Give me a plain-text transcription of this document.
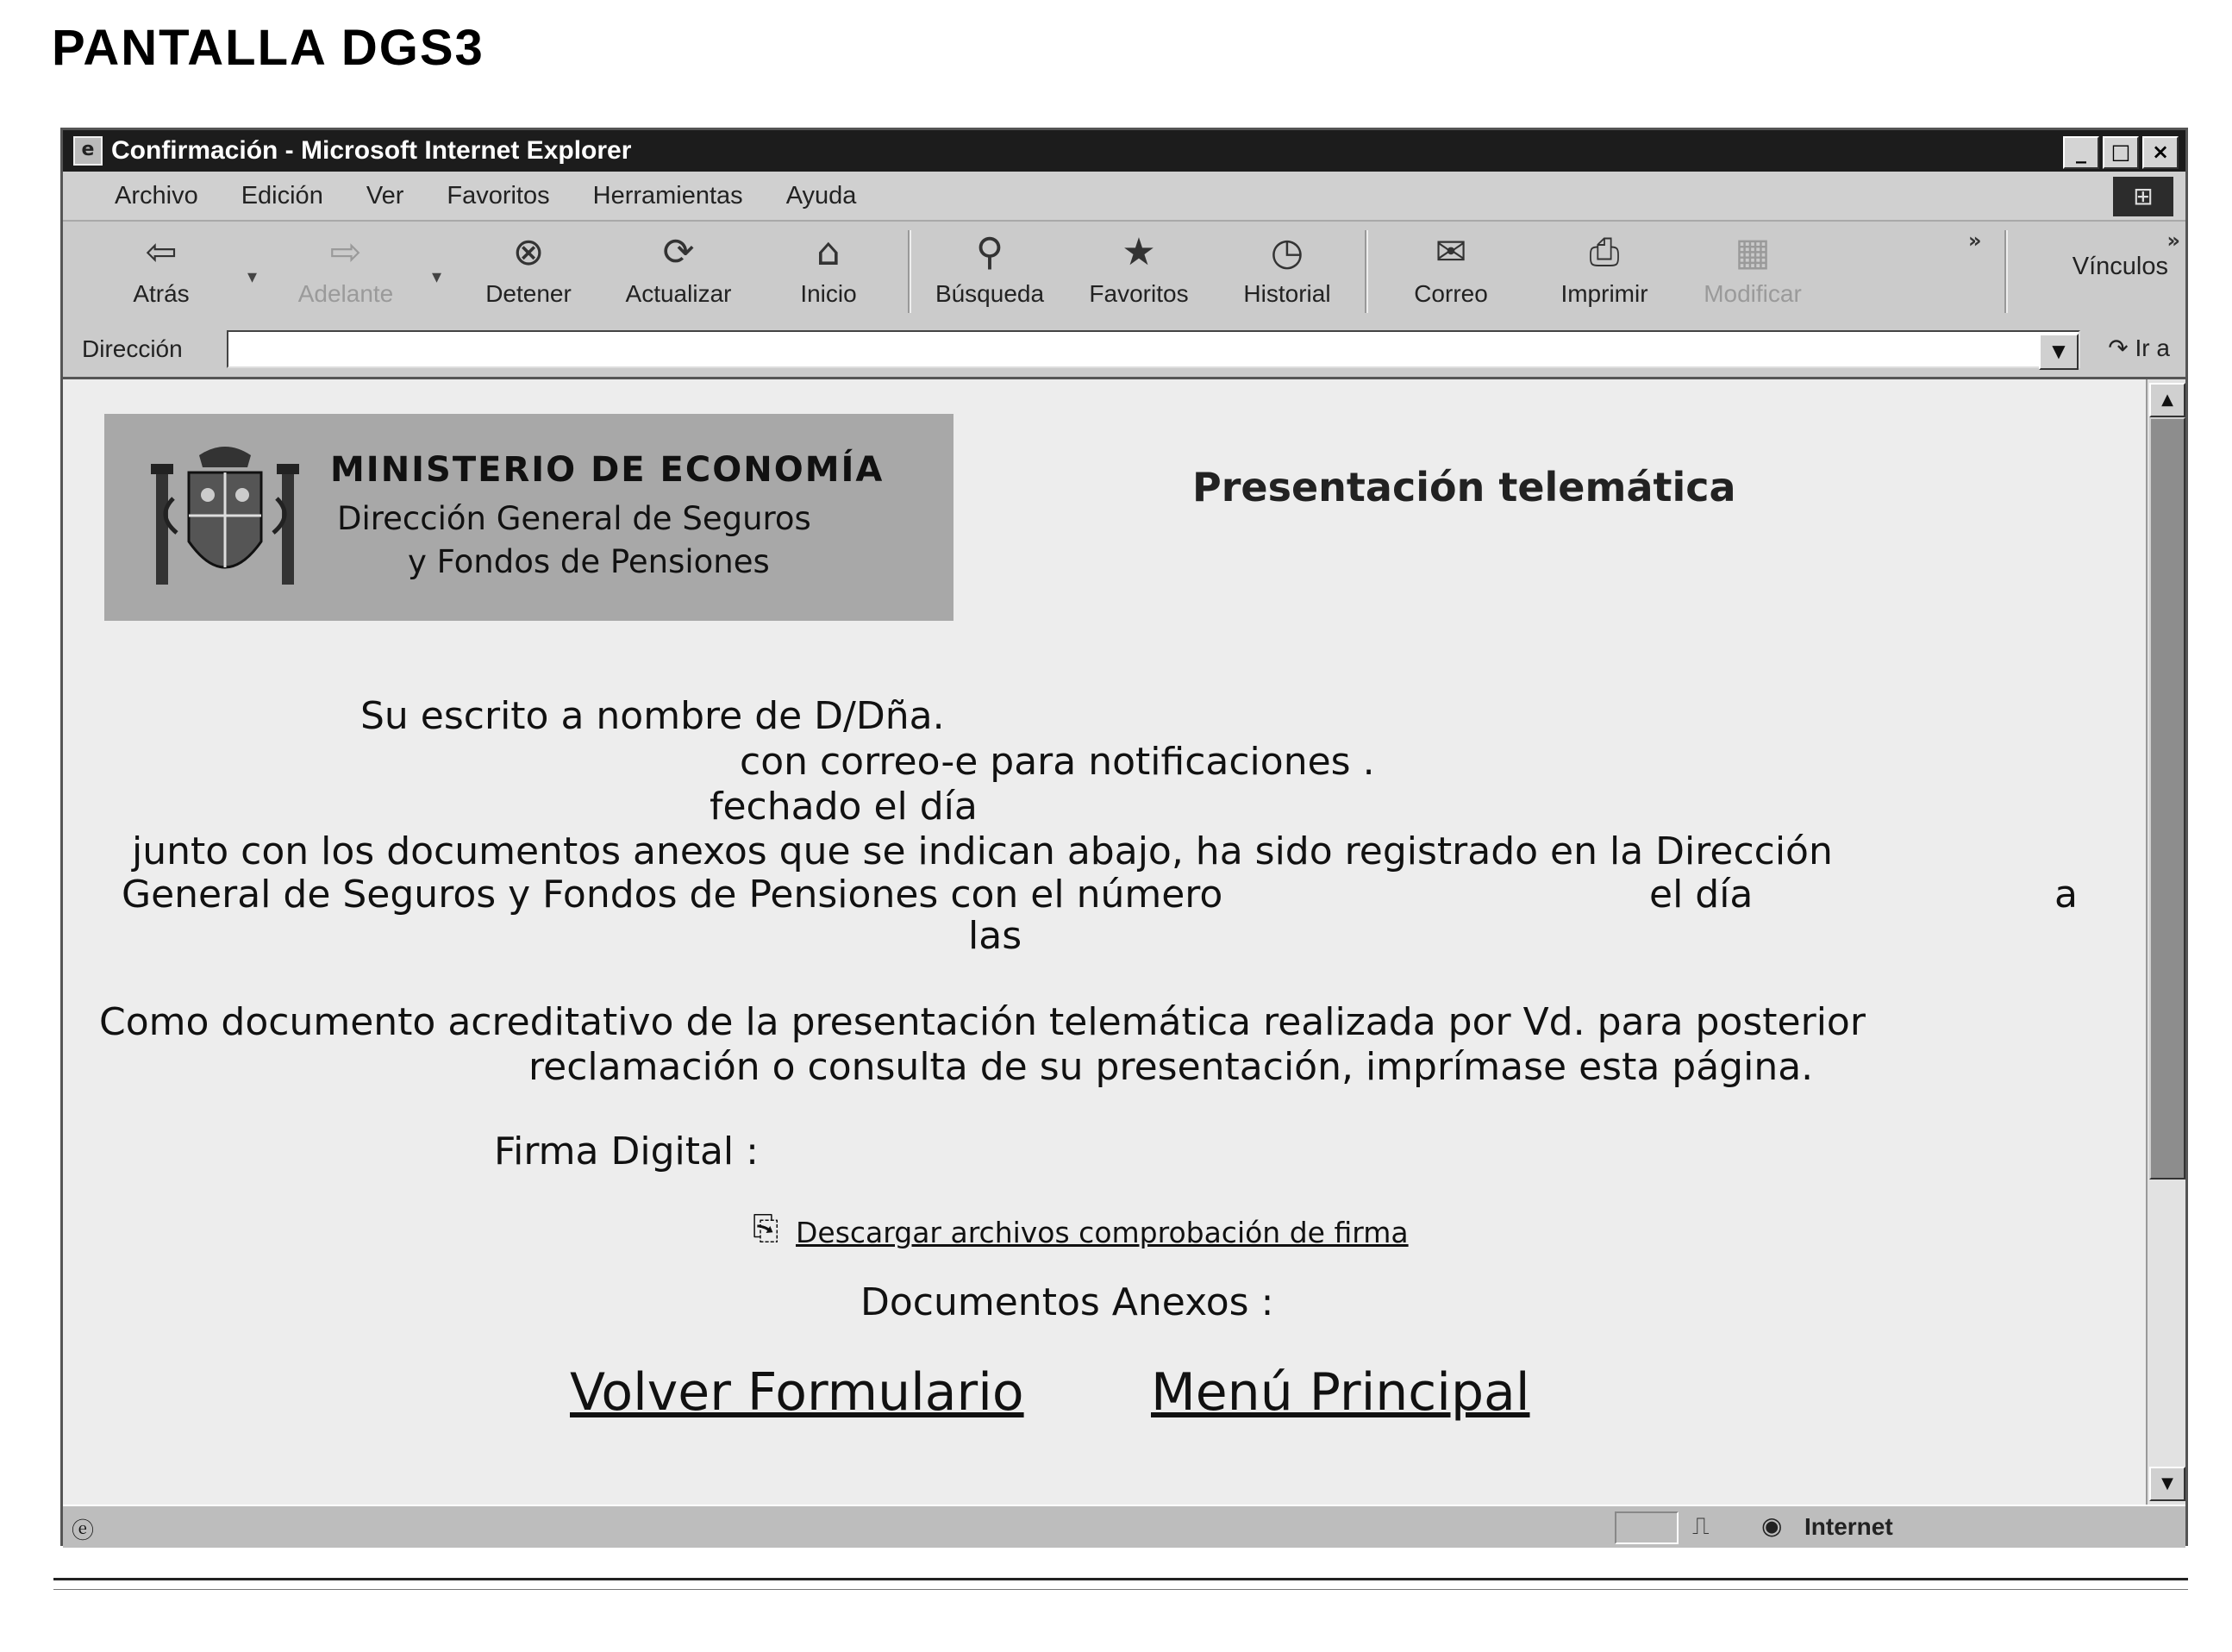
PANTALLA DGS3
e Confirmación - Microsoft Internet Explorer	_	□	×
Archivo Edición Ver Favoritos Herramientas Ayuda	⊞
⇦
Atrás
▾
⇨
Adelante
▾
⊗
Detener
⟳
Actualizar
⌂
Inicio
⚲
Búsqueda
★
Favoritos
◷
Historial
✉
Correo
⎙
Imprimir
▦
Modificar
»
Vínculos
»
Dirección	▼	↷ Ir a
MINISTERIO DE ECONOMÍA
Dirección General de Seguros
y Fondos de Pensiones
Presentación telemática
Su escrito a nombre de D/Dña.
con correo-e para notificaciones .
fechado el día
junto con los documentos anexos que se indican abajo, ha sido registrado en la Dirección
General de Seguros y Fondos de Pensiones con el número	el día	a
las
Como documento acreditativo de la presentación telemática realizada por Vd. para posterior
reclamación o consulta de su presentación, imprímase esta página.
Firma Digital :
⎘ Descargar archivos comprobación de firma
Documentos Anexos :
Volver Formulario Menú Principal
▲
▼
ⓔ	⎍ ◉ Internet
